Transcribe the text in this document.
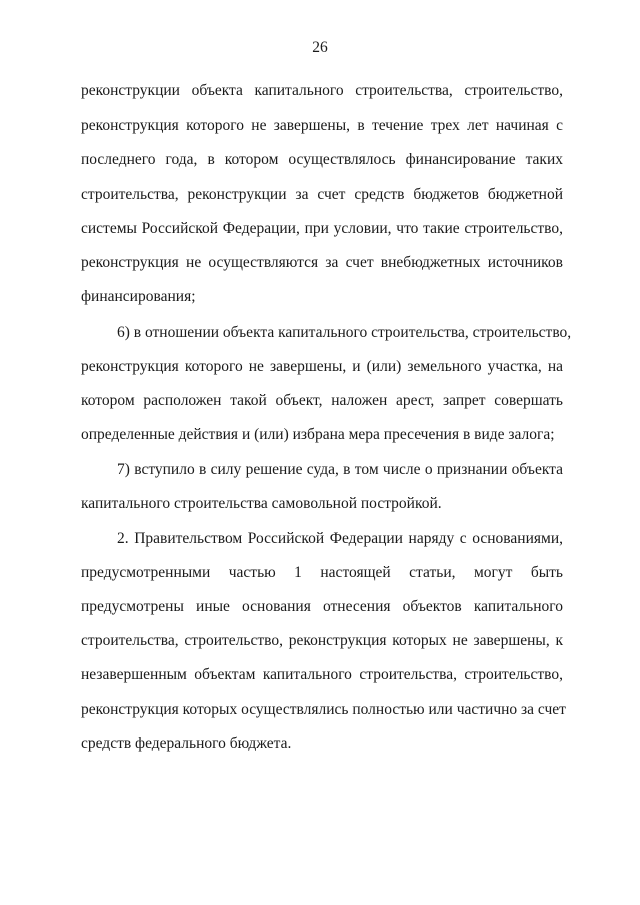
26
реконструкции объекта капитального строительства, строительство,
реконструкция которого не завершены, в течение трех лет начиная с
последнего года, в котором осуществлялось финансирование таких
строительства, реконструкции за счет средств бюджетов бюджетной
системы Российской Федерации, при условии, что такие строительство,
реконструкция не осуществляются за счет внебюджетных источников
финансирования;
6) в отношении объекта капитального строительства, строительство,
реконструкция которого не завершены, и (или) земельного участка, на
котором расположен такой объект, наложен арест, запрет совершать
определенные действия и (или) избрана мера пресечения в виде залога;
7) вступило в силу решение суда, в том числе о признании объекта
капитального строительства самовольной постройкой.
2. Правительством Российской Федерации наряду с основаниями,
предусмотренными частью 1 настоящей статьи, могут быть
предусмотрены иные основания отнесения объектов капитального
строительства, строительство, реконструкция которых не завершены, к
незавершенным объектам капитального строительства, строительство,
реконструкция которых осуществлялись полностью или частично за счет
средств федерального бюджета.
